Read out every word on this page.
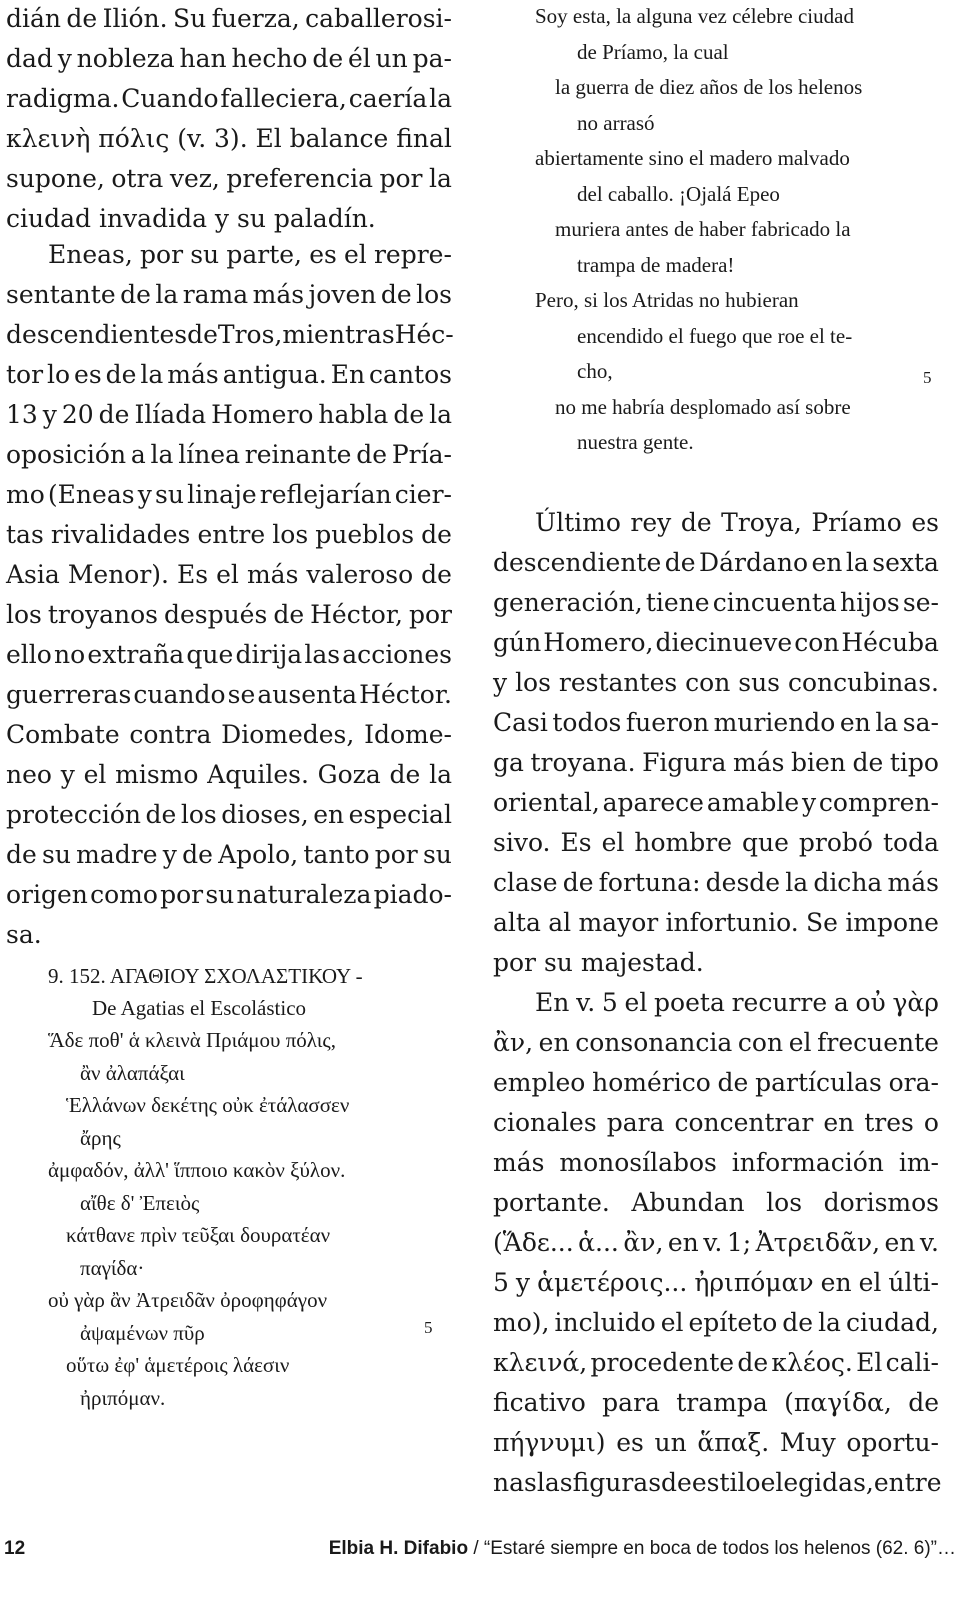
dián de Ilión. Su fuerza, caballerosi-
dad y nobleza han hecho de él un pa-
radigma. Cuando falleciera, caería la
κλεινὴ πόλις (v. 3). El balance final
supone, otra vez, preferencia por la
ciudad invadida y su paladín.
Eneas, por su parte, es el repre-
sentante de la rama más joven de los
descendientes de Tros, mientras Héc-
tor lo es de la más antigua. En cantos
13 y 20 de Ilíada Homero habla de la
oposición a la línea reinante de Pría-
mo (Eneas y su linaje reflejarían cier-
tas rivalidades entre los pueblos de
Asia Menor). Es el más valeroso de
los troyanos después de Héctor, por
ello no extraña que dirija las acciones
guerreras cuando se ausenta Héctor.
Combate contra Diomedes, Idome-
neo y el mismo Aquiles. Goza de la
protección de los dioses, en especial
de su madre y de Apolo, tanto por su
origen como por su naturaleza piado-
sa.
9. 152. ΑΓΑΘΙΟΥ ΣΧΟΛΑΣΤΙΚΟΥ -
De Agatias el Escolástico
Ἅδε ποθ' ἁ κλεινὰ Πριάμου πόλις,
ἂν ἀλαπάξαι
Ἑλλάνων δεκέτης οὐκ ἐτάλασσεν
ἄρης
ἀμφαδόν, ἀλλ' ἵπποιο κακὸν ξύλον.
αἴθε δ' Ἐπειὸς
κάτθανε πρὶν τεῦξαι δουρατέαν
παγίδα·
οὐ γὰρ ἂν Ἀτρειδᾶν ὀροφηφάγον
ἀψαμένων πῦρ
οὕτω ἐφ' ἁμετέροις λάεσιν
ἠριπόμαν.
5
Soy esta, la alguna vez célebre ciudad
de Príamo, la cual
la guerra de diez años de los helenos
no arrasó
abiertamente sino el madero malvado
del caballo. ¡Ojalá Epeo
muriera antes de haber fabricado la
trampa de madera!
Pero, si los Atridas no hubieran
encendido el fuego que roe el te-
cho,
no me habría desplomado así sobre
nuestra gente.
5
Último rey de Troya, Príamo es
descendiente de Dárdano en la sexta
generación, tiene cincuenta hijos se-
gún Homero, diecinueve con Hécuba
y los restantes con sus concubinas.
Casi todos fueron muriendo en la sa-
ga troyana. Figura más bien de tipo
oriental, aparece amable y compren-
sivo. Es el hombre que probó toda
clase de fortuna: desde la dicha más
alta al mayor infortunio. Se impone
por su majestad.
En v. 5 el poeta recurre a οὐ γὰρ
ἂν, en consonancia con el frecuente
empleo homérico de partículas ora-
cionales para concentrar en tres o
más monosílabos información im-
portante. Abundan los dorismos
(Ἅδε... ἁ... ἂν, en v. 1; Ἀτρειδᾶν, en v.
5 y ἁμετέροις... ἠριπόμαν en el últi-
mo), incluido el epíteto de la ciudad,
κλεινά, procedente de κλέος. El cali-
ficativo para trampa (παγίδα, de
πήγνυμι) es un ἅπαξ. Muy oportu-
nas las figuras de estilo elegidas, entre
12	Elbia H. Difabio / “Estaré siempre en boca de todos los helenos (62. 6)”…
